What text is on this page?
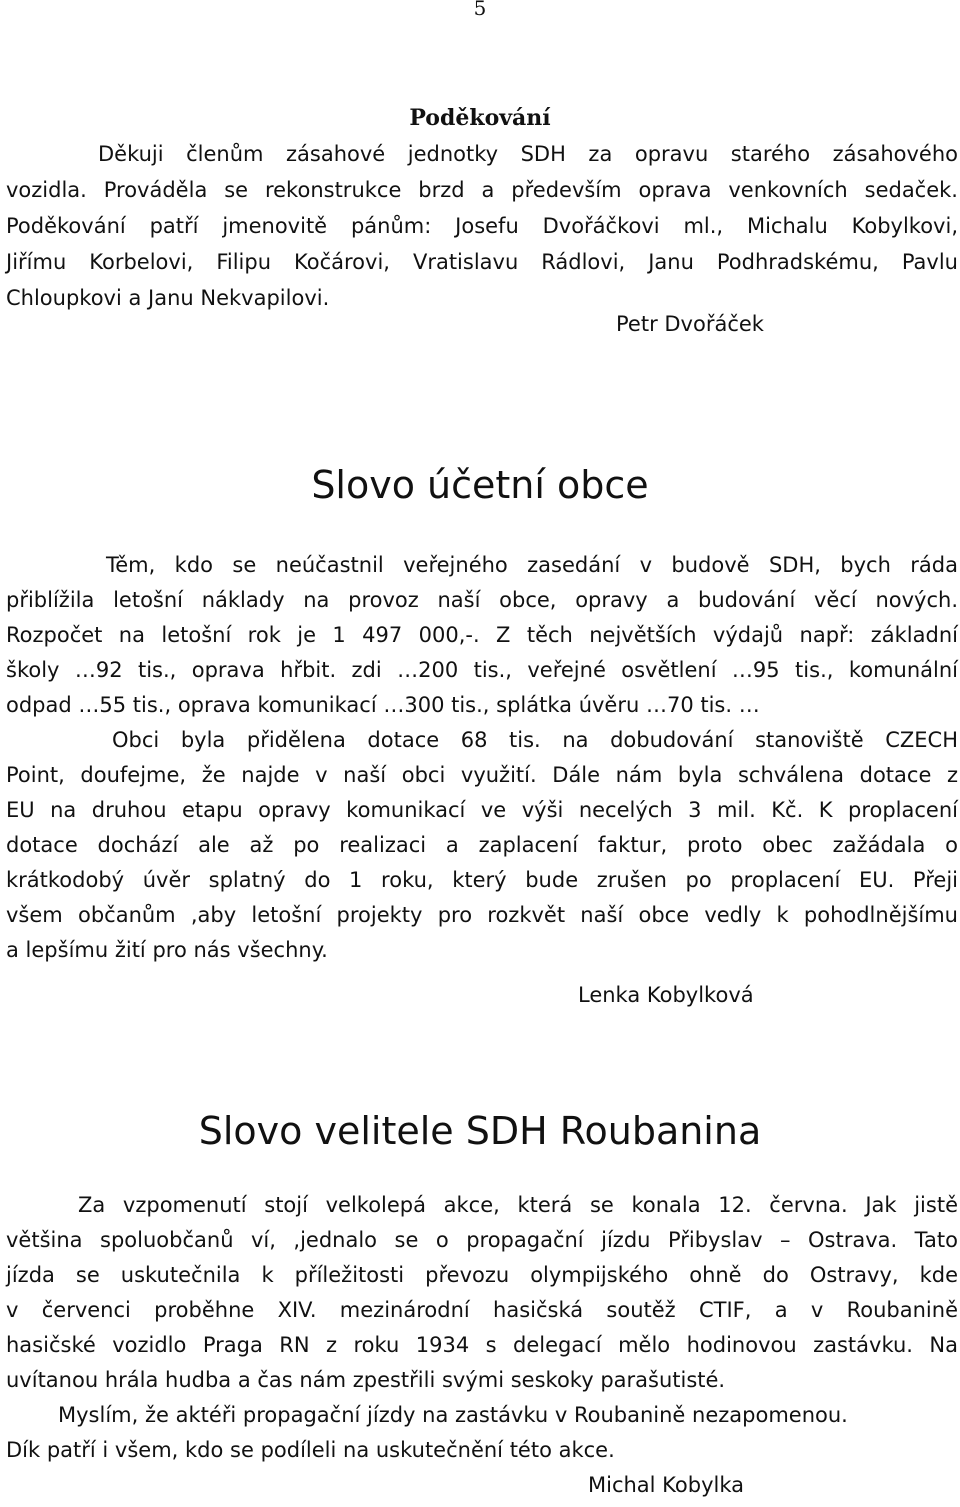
5
Poděkování
Děkuji členům zásahové jednotky SDH za opravu starého zásahového
vozidla. Prováděla se rekonstrukce brzd a především oprava venkovních sedaček.
Poděkování patří jmenovitě pánům: Josefu Dvořáčkovi ml., Michalu Kobylkovi,
Jiřímu Korbelovi, Filipu Kočárovi, Vratislavu Rádlovi, Janu Podhradskému, Pavlu
Chloupkovi a Janu Nekvapilovi.
Petr Dvořáček
Slovo účetní obce
Těm, kdo se neúčastnil veřejného zasedání v budově SDH, bych ráda
přiblížila letošní náklady na provoz naší obce, opravy a budování věcí nových.
Rozpočet na letošní rok je 1 497 000,-. Z těch největších výdajů např: základní
školy …92 tis., oprava hřbit. zdi …200 tis., veřejné osvětlení …95 tis., komunální
odpad …55 tis., oprava komunikací …300 tis., splátka úvěru …70 tis. …
Obci byla přidělena dotace 68 tis. na dobudování stanoviště CZECH
Point, doufejme, že najde v naší obci využití. Dále nám byla schválena dotace z
EU na druhou etapu opravy komunikací ve výši necelých 3 mil. Kč. K proplacení
dotace dochází ale až po realizaci a zaplacení faktur, proto obec zažádala o
krátkodobý úvěr splatný do 1 roku, který bude zrušen po proplacení EU. Přeji
všem občanům ,aby letošní projekty pro rozkvět naší obce vedly k pohodlnějšímu
a lepšímu žití pro nás všechny.
Lenka Kobylková
Slovo velitele SDH Roubanina
Za vzpomenutí stojí velkolepá akce, která se konala 12. června. Jak jistě
většina spoluobčanů ví, ,jednalo se o propagační jízdu Přibyslav – Ostrava. Tato
jízda se uskutečnila k příležitosti převozu olympijského ohně do Ostravy, kde
v červenci proběhne XIV. mezinárodní hasičská soutěž CTIF, a v Roubanině
hasičské vozidlo Praga RN z roku 1934 s delegací mělo hodinovou zastávku. Na
uvítanou hrála hudba a čas nám zpestřili svými seskoky parašutisté.
Myslím, že aktéři propagační jízdy na zastávku v Roubanině nezapomenou.
Dík patří i všem, kdo se podíleli na uskutečnění této akce.
Michal Kobylka
